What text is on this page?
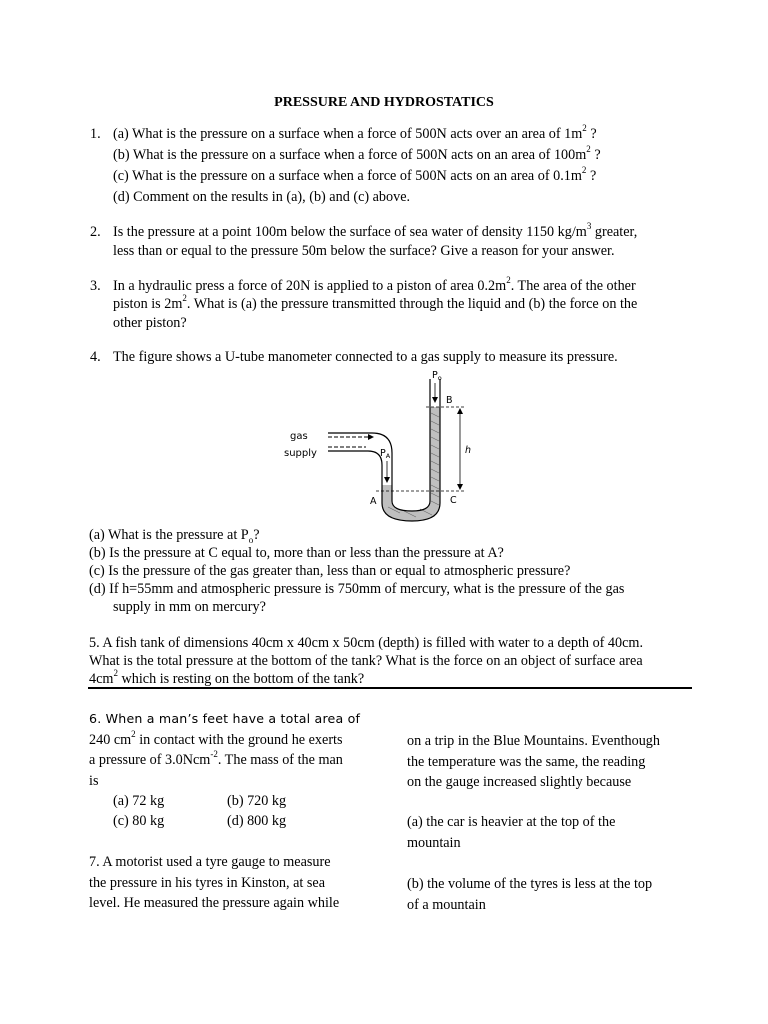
PRESSURE AND HYDROSTATICS
1. (a) What is the pressure on a surface when a force of 500N acts over an area of $1m^2$ ?
(b) What is the pressure on a surface when a force of 500N acts on an area of $100m^2$ ?
(c) What is the pressure on a surface when a force of 500N acts on an area of $0.1m^2$ ?
(d) Comment on the results in (a), (b) and (c) above.
2. Is the pressure at a point 100m below the surface of sea water of density 1150 $kg/m^3$ greater,
less than or equal to the pressure 50m below the surface? Give a reason for your answer.
3. In a hydraulic press a force of 20N is applied to a piston of area $0.2m^2$. The area of the other
piston is $2m^2$. What is (a) the pressure transmitted through the liquid and (b) the force on the
other piston?
4. The figure shows a U-tube manometer connected to a gas supply to measure its pressure.
gas
supply
$P_o$
B
h
$P_A$
A	C
(a) What is the pressure at $P_o$?
(b) Is the pressure at C equal to, more than or less than the pressure at A?
(c) Is the pressure of the gas greater than, less than or equal to atmospheric pressure?
(d) If h=55mm and atmospheric pressure is 750mm of mercury, what is the pressure of the gas
supply in mm on mercury?
5. A fish tank of dimensions 40cm x 40cm x 50cm (depth) is filled with water to a depth of 40cm.
What is the total pressure at the bottom of the tank? What is the force on an object of surface area
$4cm^2$ which is resting on the bottom of the tank?
6. When a man’s feet have a total area of
240 $cm^2$ in contact with the ground he exerts
a pressure of 3.0Ncm$^{-2}$. The mass of the man
is
(a) 72 kg	(b) 720 kg
(c) 80 kg	(d) 800 kg
7. A motorist used a tyre gauge to measure
the pressure in his tyres in Kinston, at sea
level. He measured the pressure again while
on a trip in the Blue Mountains. Eventhough
the temperature was the same, the reading
on the gauge increased slightly because
(a) the car is heavier at the top of the
mountain
(b) the volume of the tyres is less at the top
of a mountain
